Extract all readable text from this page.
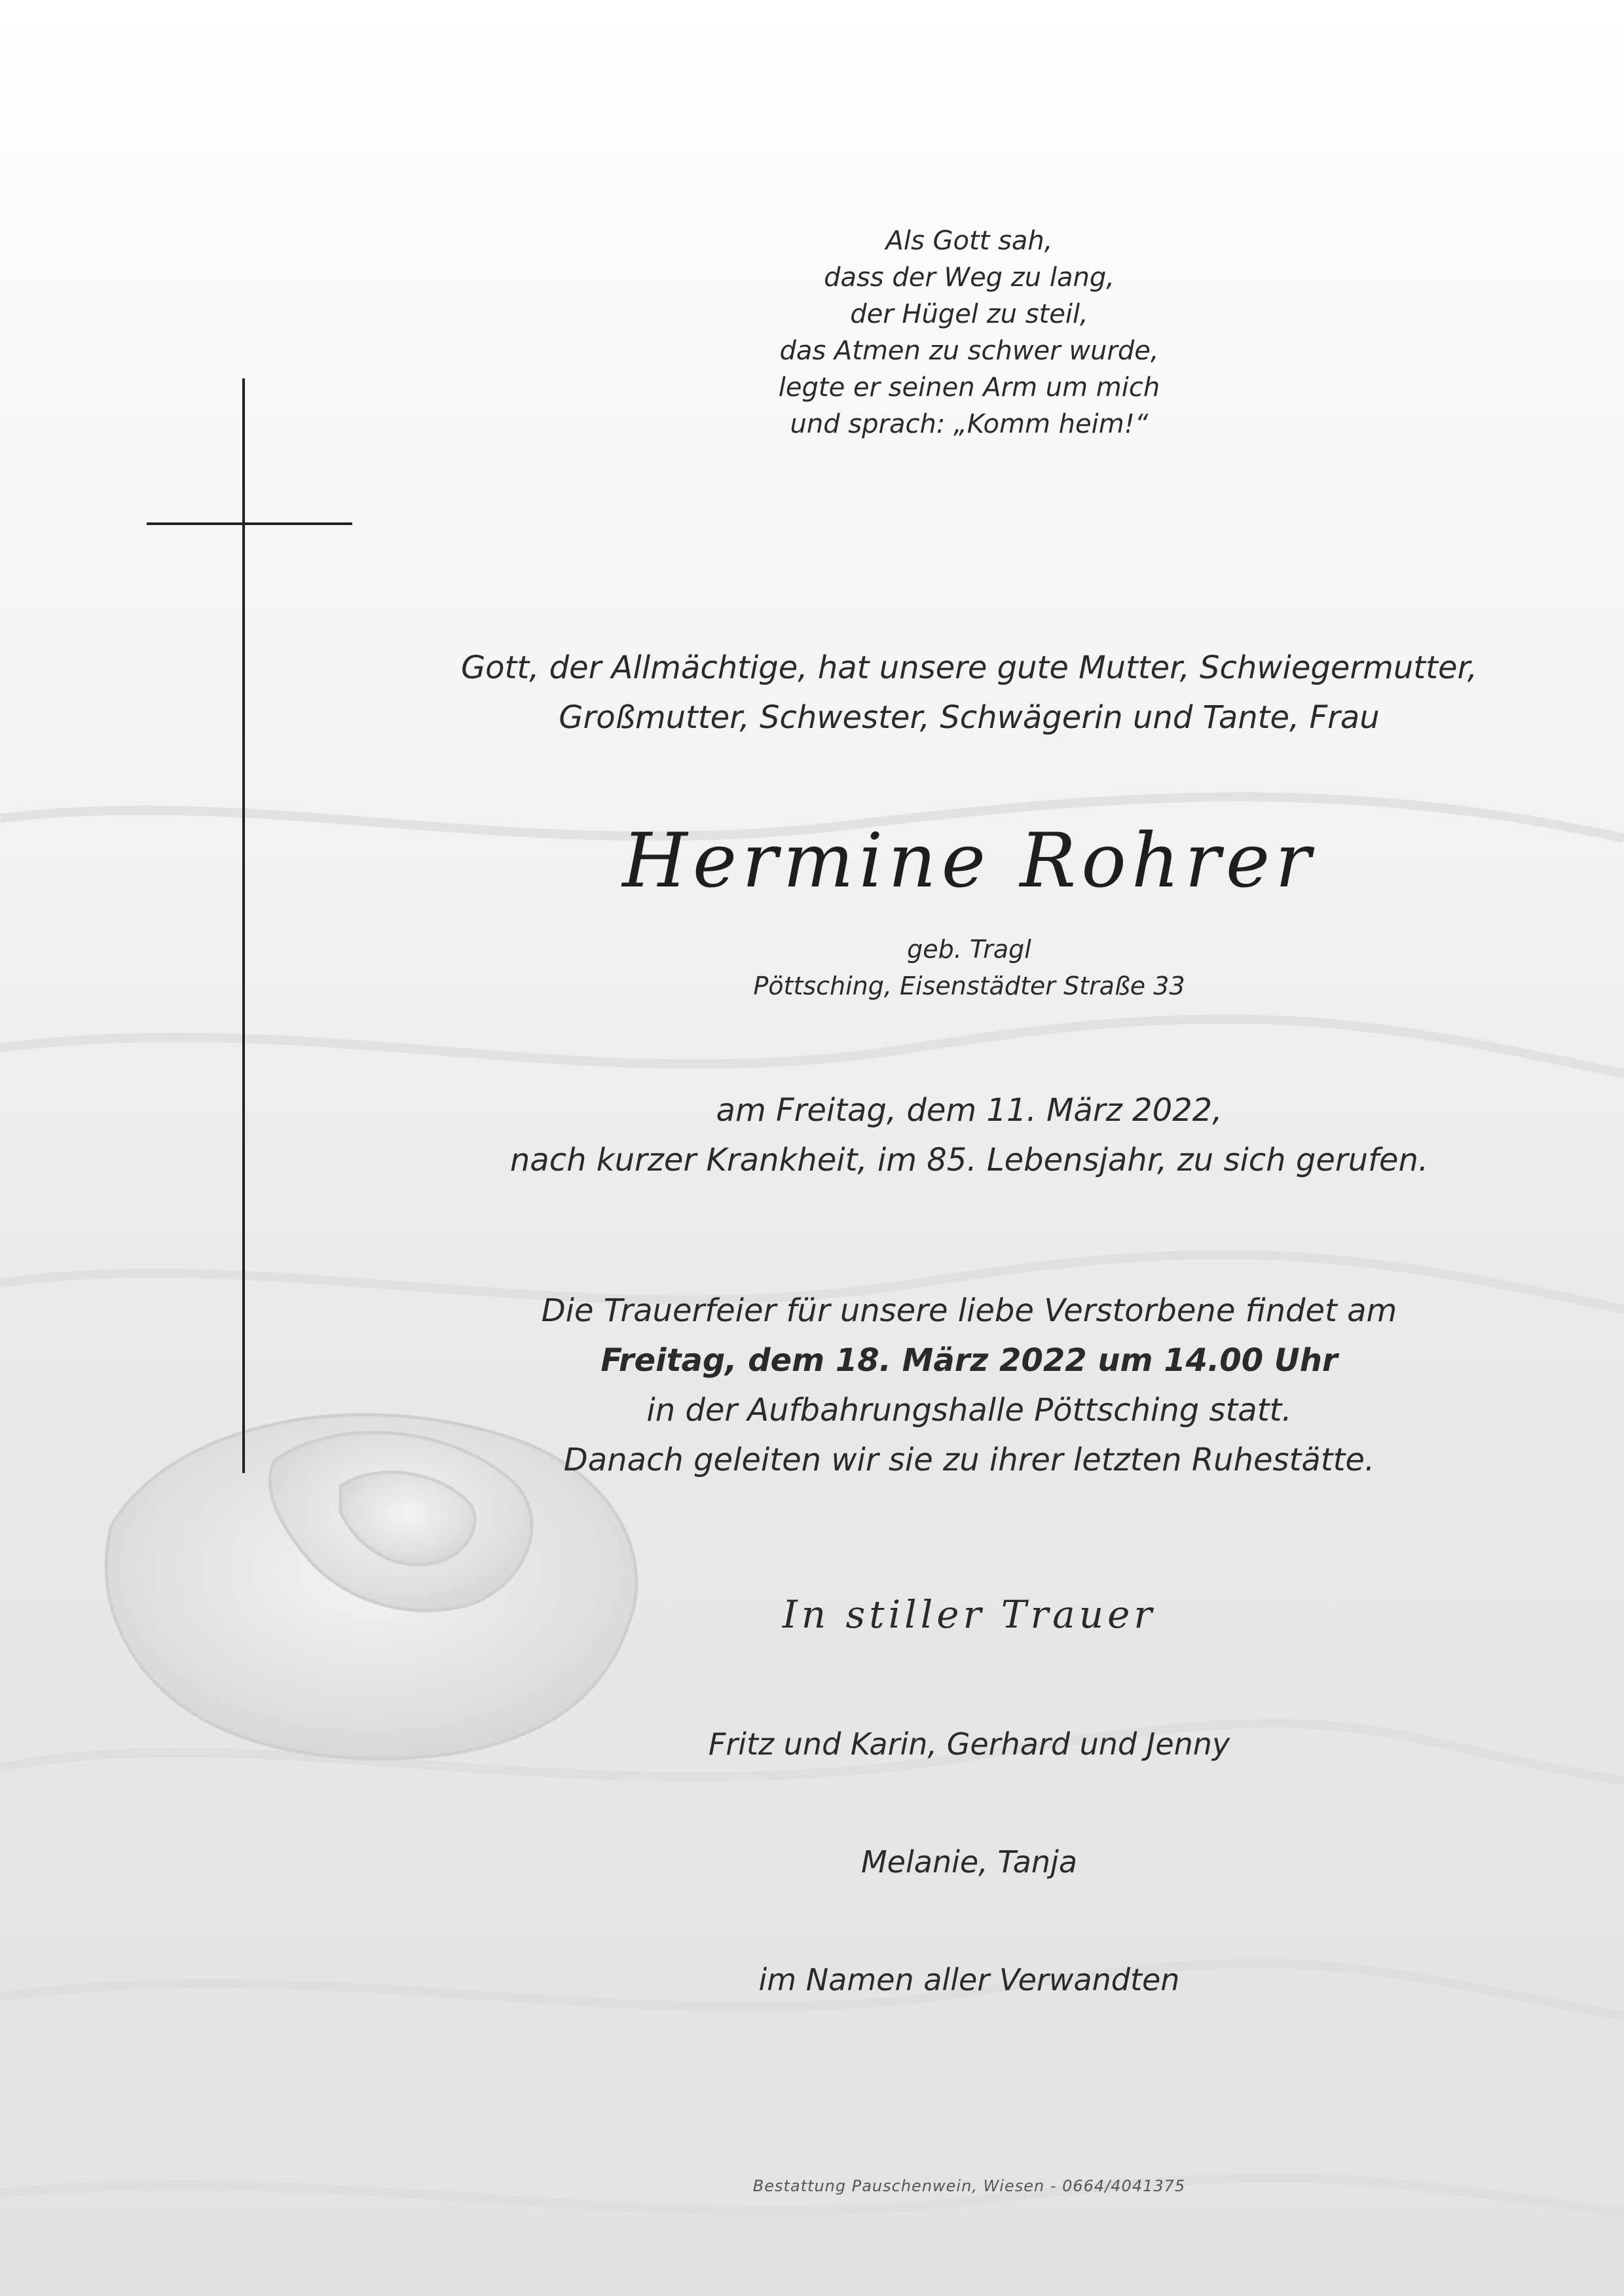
Als Gott sah,
dass der Weg zu lang,
der Hügel zu steil,
das Atmen zu schwer wurde,
legte er seinen Arm um mich
und sprach: „Komm heim!“
Gott, der Allmächtige, hat unsere gute Mutter, Schwiegermutter,
Großmutter, Schwester, Schwägerin und Tante, Frau
Hermine Rohrer
geb. Tragl
Pöttsching, Eisenstädter Straße 33
am Freitag, dem 11. März 2022,
nach kurzer Krankheit, im 85. Lebensjahr, zu sich gerufen.
Die Trauerfeier für unsere liebe Verstorbene findet am
Freitag, dem 18. März 2022 um 14.00 Uhr
in der Aufbahrungshalle Pöttsching statt.
Danach geleiten wir sie zu ihrer letzten Ruhestätte.
In stiller Trauer
Fritz und Karin, Gerhard und Jenny
Melanie, Tanja
im Namen aller Verwandten
Bestattung Pauschenwein, Wiesen - 0664/4041375
